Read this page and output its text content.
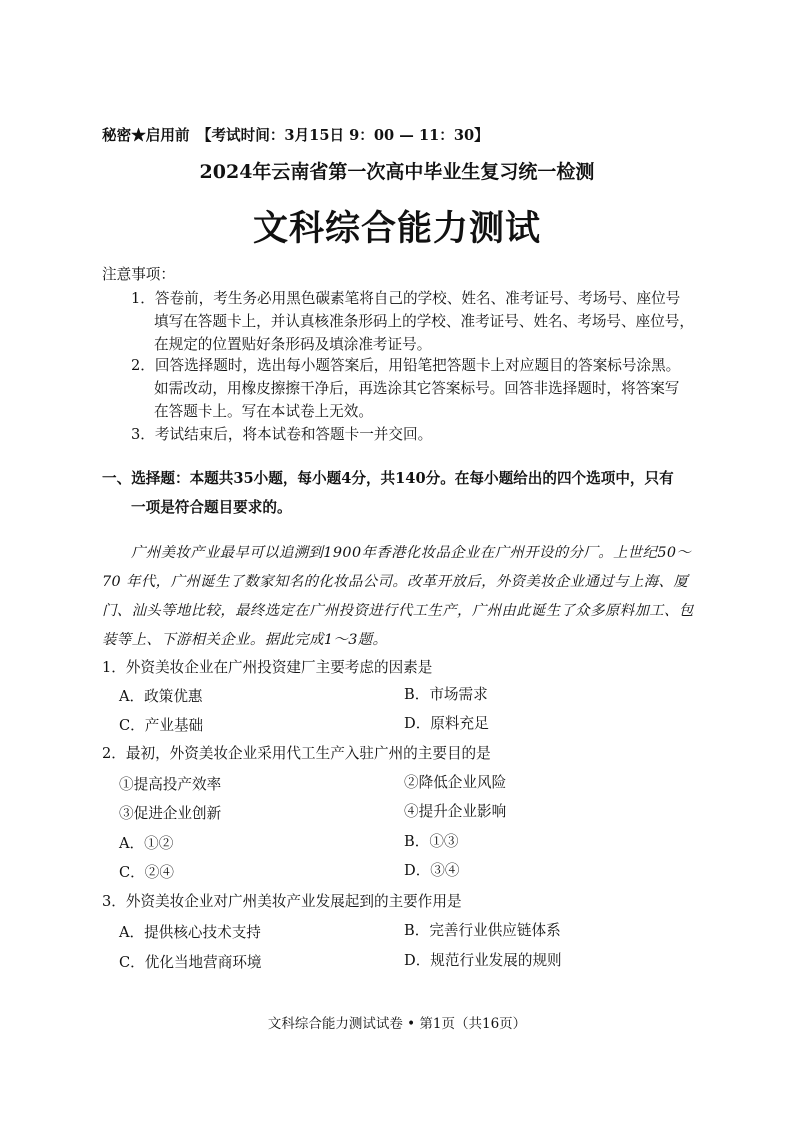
秘密★启用前　【考试时间：3月15日 9：00 — 11：30】
2024年云南省第一次高中毕业生复习统一检测
文科综合能力测试
注意事项：
1．答卷前，考生务必用黑色碳素笔将自己的学校、姓名、准考证号、考场号、座位号
填写在答题卡上，并认真核准条形码上的学校、准考证号、姓名、考场号、座位号，
在规定的位置贴好条形码及填涂准考证号。
2．回答选择题时，选出每小题答案后，用铅笔把答题卡上对应题目的答案标号涂黑。
如需改动，用橡皮擦擦干净后，再选涂其它答案标号。回答非选择题时，将答案写
在答题卡上。写在本试卷上无效。
3．考试结束后，将本试卷和答题卡一并交回。
一、选择题：本题共35小题，每小题4分，共140分。在每小题给出的四个选项中，只有
一项是符合题目要求的。
广州美妆产业最早可以追溯到1900年香港化妆品企业在广州开设的分厂。上世纪50～
70 年代，广州诞生了数家知名的化妆品公司。改革开放后，外资美妆企业通过与上海、厦
门、汕头等地比较，最终选定在广州投资进行代工生产，广州由此诞生了众多原料加工、包
装等上、下游相关企业。据此完成1～3题。
1．外资美妆企业在广州投资建厂主要考虑的因素是
A．政策优惠	B．市场需求
C．产业基础	D．原料充足
2．最初，外资美妆企业采用代工生产入驻广州的主要目的是
①提高投产效率	②降低企业风险
③促进企业创新	④提升企业影响
A．①②	B．①③
C．②④	D．③④
3．外资美妆企业对广州美妆产业发展起到的主要作用是
A．提供核心技术支持	B．完善行业供应链体系
C．优化当地营商环境	D．规范行业发展的规则
文科综合能力测试试卷 • 第1页（共16页）
